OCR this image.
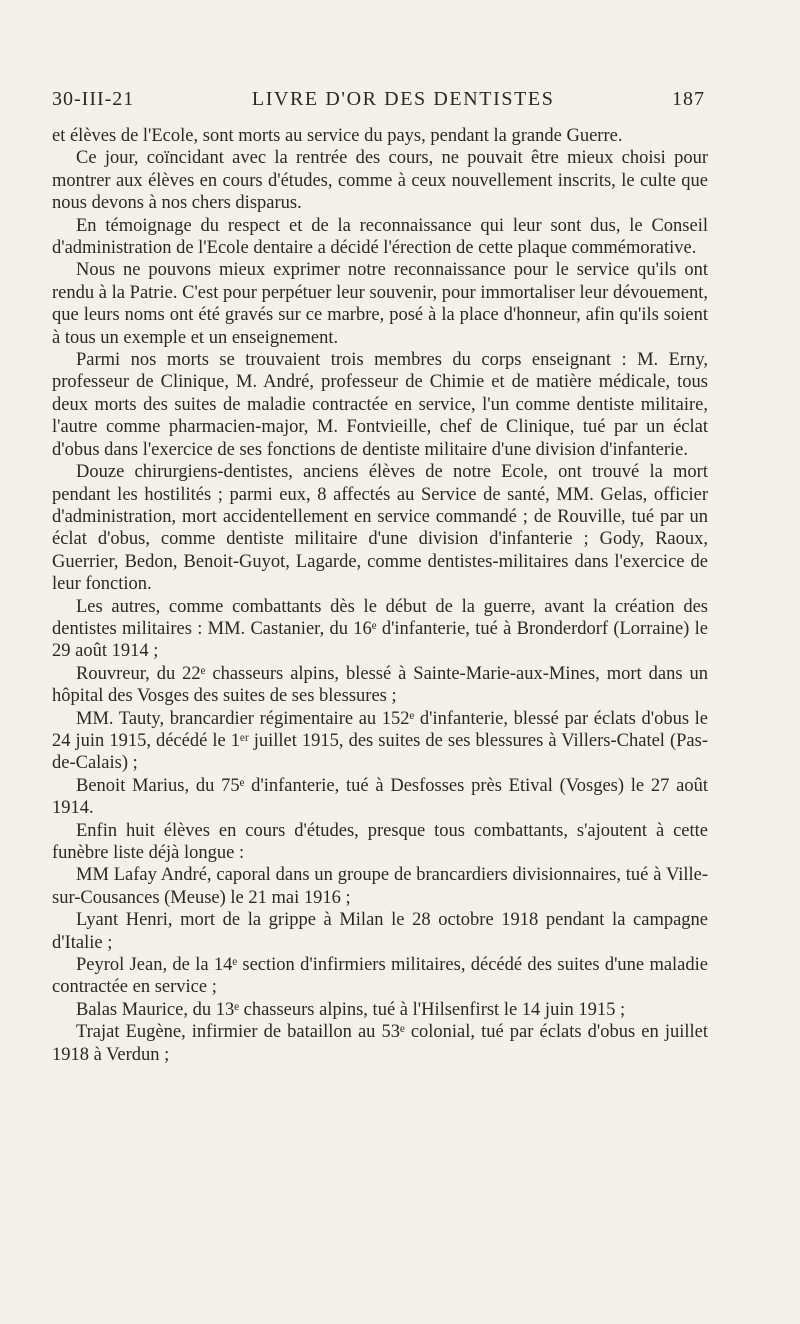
30-III-21	LIVRE D'OR DES DENTISTES	187

et élèves de l'Ecole, sont morts au service du pays, pendant la grande Guerre.

Ce jour, coïncidant avec la rentrée des cours, ne pouvait être mieux choisi pour montrer aux élèves en cours d'études, comme à ceux nouvellement inscrits, le culte que nous devons à nos chers disparus.

En témoignage du respect et de la reconnaissance qui leur sont dus, le Conseil d'administration de l'Ecole dentaire a décidé l'érection de cette plaque commémorative.

Nous ne pouvons mieux exprimer notre reconnaissance pour le service qu'ils ont rendu à la Patrie. C'est pour perpétuer leur souvenir, pour immortaliser leur dévouement, que leurs noms ont été gravés sur ce marbre, posé à la place d'honneur, afin qu'ils soient à tous un exemple et un enseignement.

Parmi nos morts se trouvaient trois membres du corps enseignant : M. Erny, professeur de Clinique, M. André, professeur de Chimie et de matière médicale, tous deux morts des suites de maladie contractée en service, l'un comme dentiste militaire, l'autre comme pharmacien-major, M. Fontvieille, chef de Clinique, tué par un éclat d'obus dans l'exercice de ses fonctions de dentiste militaire d'une division d'infanterie.

Douze chirurgiens-dentistes, anciens élèves de notre Ecole, ont trouvé la mort pendant les hostilités ; parmi eux, 8 affectés au Service de santé, MM. Gelas, officier d'administration, mort accidentellement en service commandé ; de Rouville, tué par un éclat d'obus, comme dentiste militaire d'une division d'infanterie ; Gody, Raoux, Guerrier, Bedon, Benoit-Guyot, Lagarde, comme dentistes-militaires dans l'exercice de leur fonction.

Les autres, comme combattants dès le début de la guerre, avant la création des dentistes militaires : MM. Castanier, du 16ᵉ d'infanterie, tué à Bronderdorf (Lorraine) le 29 août 1914 ;

Rouvreur, du 22ᵉ chasseurs alpins, blessé à Sainte-Marie-aux-Mines, mort dans un hôpital des Vosges des suites de ses blessures ;

MM. Tauty, brancardier régimentaire au 152ᵉ d'infanterie, blessé par éclats d'obus le 24 juin 1915, décédé le 1ᵉʳ juillet 1915, des suites de ses blessures à Villers-Chatel (Pas-de-Calais) ;

Benoit Marius, du 75ᵉ d'infanterie, tué à Desfosses près Etival (Vosges) le 27 août 1914.

Enfin huit élèves en cours d'études, presque tous combattants, s'ajoutent à cette funèbre liste déjà longue :

MM Lafay André, caporal dans un groupe de brancardiers divisionnaires, tué à Ville-sur-Cousances (Meuse) le 21 mai 1916 ;

Lyant Henri, mort de la grippe à Milan le 28 octobre 1918 pendant la campagne d'Italie ;

Peyrol Jean, de la 14ᵉ section d'infirmiers militaires, décédé des suites d'une maladie contractée en service ;

Balas Maurice, du 13ᵉ chasseurs alpins, tué à l'Hilsenfirst le 14 juin 1915 ;

Trajat Eugène, infirmier de bataillon au 53ᵉ colonial, tué par éclats d'obus en juillet 1918 à Verdun ;
